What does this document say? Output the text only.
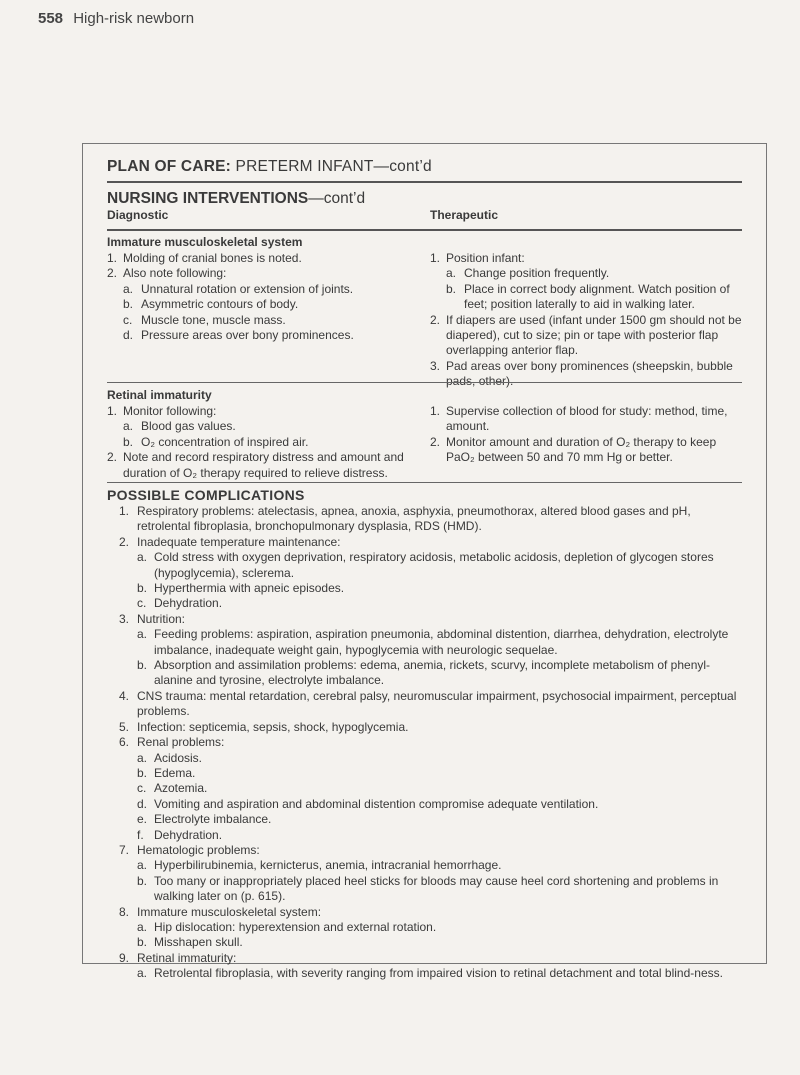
558 High-risk newborn
PLAN OF CARE: PRETERM INFANT—cont’d
NURSING INTERVENTIONS—cont’d
Diagnostic	Therapeutic
Immature musculoskeletal system
1. Molding of cranial bones is noted.
2. Also note following:
a. Unnatural rotation or extension of joints.
b. Asymmetric contours of body.
c. Muscle tone, muscle mass.
d. Pressure areas over bony prominences.
1. Position infant:
a. Change position frequently.
b. Place in correct body alignment. Watch position of feet; position laterally to aid in walking later.
2. If diapers are used (infant under 1500 gm should not be diapered), cut to size; pin or tape with posterior flap overlapping anterior flap.
3. Pad areas over bony prominences (sheepskin, bubble pads, other).
Retinal immaturity
1. Monitor following:
a. Blood gas values.
b. O₂ concentration of inspired air.
2. Note and record respiratory distress and amount and duration of O₂ therapy required to relieve distress.
1. Supervise collection of blood for study: method, time, amount.
2. Monitor amount and duration of O₂ therapy to keep PaO₂ between 50 and 70 mm Hg or better.
POSSIBLE COMPLICATIONS
1. Respiratory problems: atelectasis, apnea, anoxia, asphyxia, pneumothorax, altered blood gases and pH, retrolental fibroplasia, bronchopulmonary dysplasia, RDS (HMD).
2. Inadequate temperature maintenance:
a. Cold stress with oxygen deprivation, respiratory acidosis, metabolic acidosis, depletion of glycogen stores (hypoglycemia), sclerema.
b. Hyperthermia with apneic episodes.
c. Dehydration.
3. Nutrition:
a. Feeding problems: aspiration, aspiration pneumonia, abdominal distention, diarrhea, dehydration, electrolyte imbalance, inadequate weight gain, hypoglycemia with neurologic sequelae.
b. Absorption and assimilation problems: edema, anemia, rickets, scurvy, incomplete metabolism of phenyl-alanine and tyrosine, electrolyte imbalance.
4. CNS trauma: mental retardation, cerebral palsy, neuromuscular impairment, psychosocial impairment, perceptual problems.
5. Infection: septicemia, sepsis, shock, hypoglycemia.
6. Renal problems:
a. Acidosis.
b. Edema.
c. Azotemia.
d. Vomiting and aspiration and abdominal distention compromise adequate ventilation.
e. Electrolyte imbalance.
f. Dehydration.
7. Hematologic problems:
a. Hyperbilirubinemia, kernicterus, anemia, intracranial hemorrhage.
b. Too many or inappropriately placed heel sticks for bloods may cause heel cord shortening and problems in walking later on (p. 615).
8. Immature musculoskeletal system:
a. Hip dislocation: hyperextension and external rotation.
b. Misshapen skull.
9. Retinal immaturity:
a. Retrolental fibroplasia, with severity ranging from impaired vision to retinal detachment and total blind-ness.
